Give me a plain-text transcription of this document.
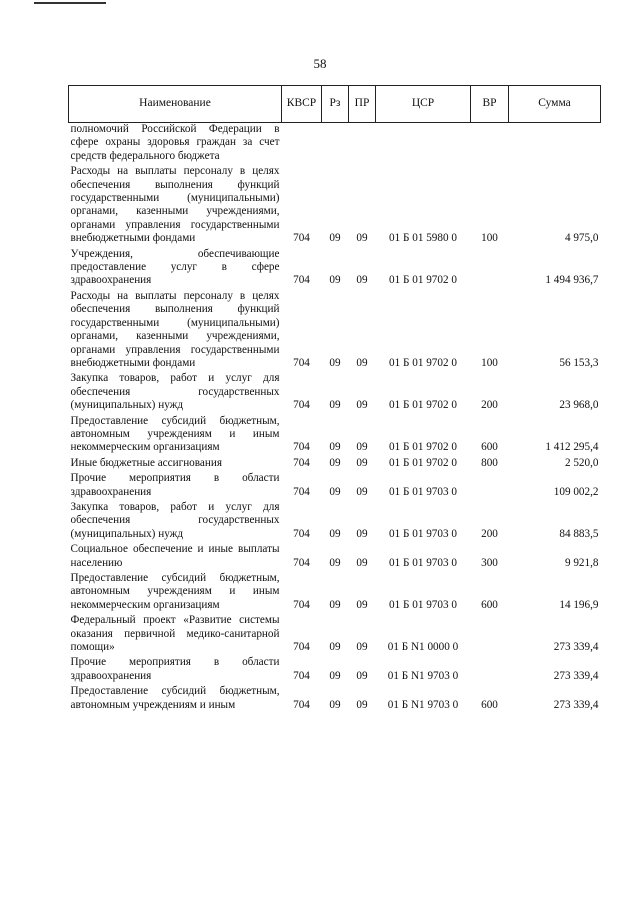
58
Наименование	КВСР	Рз	ПР	ЦСР	ВР	Сумма
полномочий Российской Федерации в сфере охраны здоровья граждан за счет средств федерального бюджета						
Расходы на выплаты персоналу в целях обеспечения выполнения функций государственными (муниципальными) органами, казенными учреждениями, органами управления государственными внебюджетными фондами	704	09	09	01 Б 01 5980 0	100	4 975,0
Учреждения, обеспечивающие предоставление услуг в сфере здравоохранения	704	09	09	01 Б 01 9702 0		1 494 936,7
Расходы на выплаты персоналу в целях обеспечения выполнения функций государственными (муниципальными) органами, казенными учреждениями, органами управления государственными внебюджетными фондами	704	09	09	01 Б 01 9702 0	100	56 153,3
Закупка товаров, работ и услуг для обеспечения государственных (муниципальных) нужд	704	09	09	01 Б 01 9702 0	200	23 968,0
Предоставление субсидий бюджетным, автономным учреждениям и иным некоммерческим организациям	704	09	09	01 Б 01 9702 0	600	1 412 295,4
Иные бюджетные ассигнования	704	09	09	01 Б 01 9702 0	800	2 520,0
Прочие мероприятия в области здравоохранения	704	09	09	01 Б 01 9703 0		109 002,2
Закупка товаров, работ и услуг для обеспечения государственных (муниципальных) нужд	704	09	09	01 Б 01 9703 0	200	84 883,5
Социальное обеспечение и иные выплаты населению	704	09	09	01 Б 01 9703 0	300	9 921,8
Предоставление субсидий бюджетным, автономным учреждениям и иным некоммерческим организациям	704	09	09	01 Б 01 9703 0	600	14 196,9
Федеральный проект «Развитие системы оказания первичной медико-санитарной помощи»	704	09	09	01 Б N1 0000 0		273 339,4
Прочие мероприятия в области здравоохранения	704	09	09	01 Б N1 9703 0		273 339,4
Предоставление субсидий бюджетным, автономным учреждениям и иным	704	09	09	01 Б N1 9703 0	600	273 339,4
